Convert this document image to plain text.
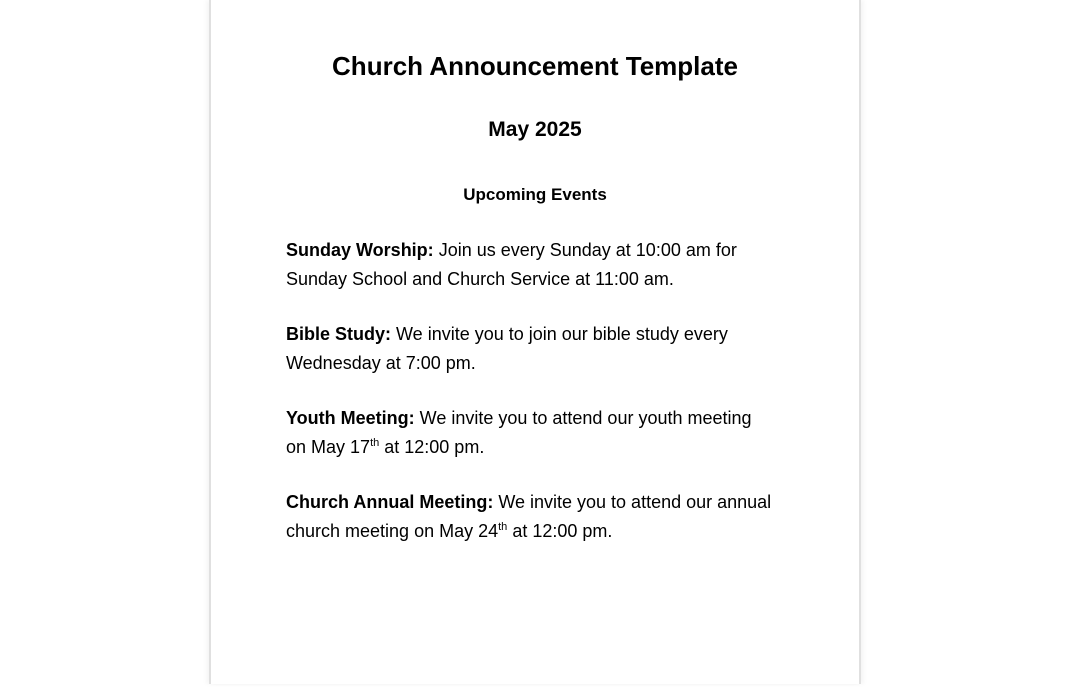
Church Announcement Template
May 2025
Upcoming Events

Sunday Worship: Join us every Sunday at 10:00 am for Sunday School and Church Service at 11:00 am.

Bible Study: We invite you to join our bible study every Wednesday at 7:00 pm.

Youth Meeting: We invite you to attend our youth meeting on May 17th at 12:00 pm.

Church Annual Meeting: We invite you to attend our annual church meeting on May 24th at 12:00 pm.
